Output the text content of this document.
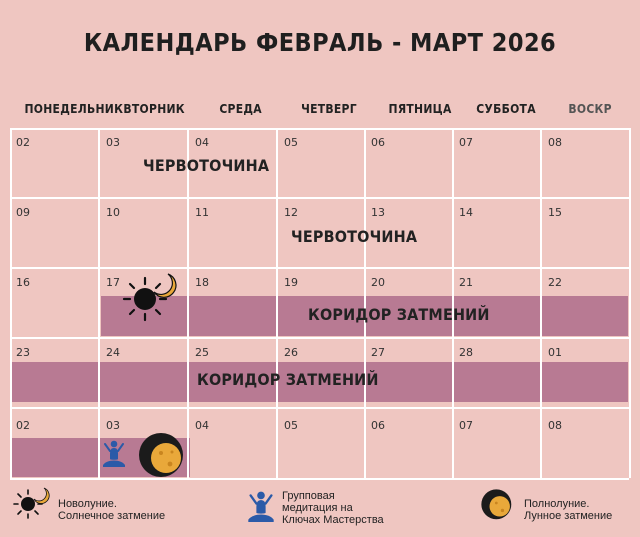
КАЛЕНДАРЬ ФЕВРАЛЬ - МАРТ 2026
ПОНЕДЕЛЬНИК ВТОРНИК	СРЕДА	ЧЕТВЕРГ	ПЯТНИЦА СУББОТА	ВОСКР
02	03	04	05	06	07	08
09	10	11	12	13	14	15
16	17	18	19	20	21	22
23	24	25	26	27	28	01
02	03	04	05	06	07	08
ЧЕРВОТОЧИНА
ЧЕРВОТОЧИНА
КОРИДОР ЗАТМЕНИЙ
КОРИДОР ЗАТМЕНИЙ
Новолуние.
Солнечное затмение
Групповая
медитация на
Ключах Мастерства
Полнолуние.
Лунное затмение
